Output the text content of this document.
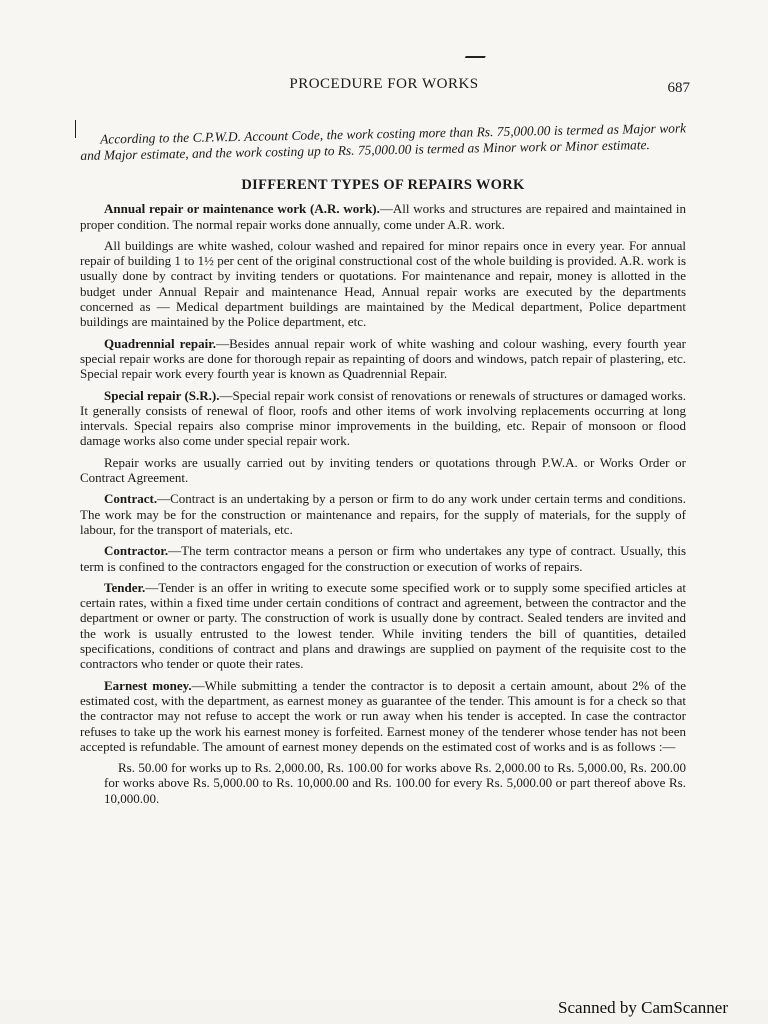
PROCEDURE FOR WORKS	687

According to the C.P.W.D. Account Code, the work costing more than Rs. 75,000.00 is termed as Major work and Major estimate, and the work costing up to Rs. 75,000.00 is termed as Minor work or Minor estimate.

DIFFERENT TYPES OF REPAIRS WORK

Annual repair or maintenance work (A.R. work).—All works and structures are repaired and maintained in proper condition. The normal repair works done annually, come under A.R. work.

All buildings are white washed, colour washed and repaired for minor repairs once in every year. For annual repair of building 1 to 1½ per cent of the original constructional cost of the whole building is provided. A.R. work is usually done by contract by inviting tenders or quotations. For maintenance and repair, money is allotted in the budget under Annual Repair and maintenance Head, Annual repair works are executed by the departments concerned as — Medical department buildings are maintained by the Medical department, Police department buildings are maintained by the Police department, etc.

Quadrennial repair.—Besides annual repair work of white washing and colour washing, every fourth year special repair works are done for thorough repair as repainting of doors and windows, patch repair of plastering, etc. Special repair work every fourth year is known as Quadrennial Repair.

Special repair (S.R.).—Special repair work consist of renovations or renewals of structures or damaged works. It generally consists of renewal of floor, roofs and other items of work involving replacements occurring at long intervals. Special repairs also comprise minor improvements in the building, etc. Repair of monsoon or flood damage works also come under special repair work.

Repair works are usually carried out by inviting tenders or quotations through P.W.A. or Works Order or Contract Agreement.

Contract.—Contract is an undertaking by a person or firm to do any work under certain terms and conditions. The work may be for the construction or maintenance and repairs, for the supply of materials, for the supply of labour, for the transport of materials, etc.

Contractor.—The term contractor means a person or firm who undertakes any type of contract. Usually, this term is confined to the contractors engaged for the construction or execution of works of repairs.

Tender.—Tender is an offer in writing to execute some specified work or to supply some specified articles at certain rates, within a fixed time under certain conditions of contract and agreement, between the contractor and the department or owner or party. The construction of work is usually done by contract. Sealed tenders are invited and the work is usually entrusted to the lowest tender. While inviting tenders the bill of quantities, detailed specifications, conditions of contract and plans and drawings are supplied on payment of the requisite cost to the contractors who tender or quote their rates.

Earnest money.—While submitting a tender the contractor is to deposit a certain amount, about 2% of the estimated cost, with the department, as earnest money as guarantee of the tender. This amount is for a check so that the contractor may not refuse to accept the work or run away when his tender is accepted. In case the contractor refuses to take up the work his earnest money is forfeited. Earnest money of the tenderer whose tender has not been accepted is refundable. The amount of earnest money depends on the estimated cost of works and is as follows :—

Rs. 50.00 for works up to Rs. 2,000.00, Rs. 100.00 for works above Rs. 2,000.00 to Rs. 5,000.00, Rs. 200.00 for works above Rs. 5,000.00 to Rs. 10,000.00 and Rs. 100.00 for every Rs. 5,000.00 or part thereof above Rs. 10,000.00.

Scanned by CamScanner
